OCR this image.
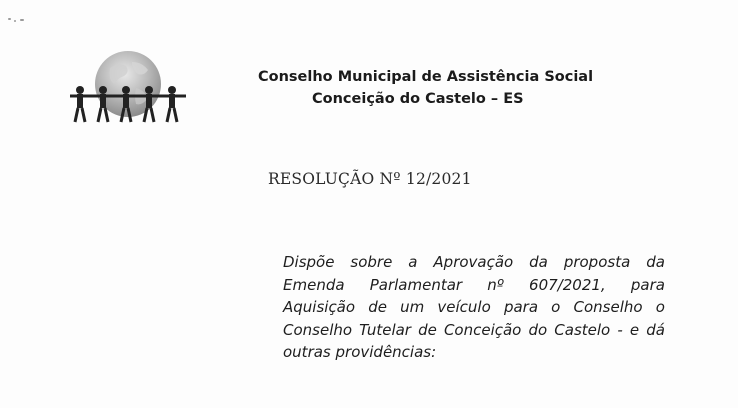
Conselho Municipal de Assistência Social
Conceição do Castelo – ES
RESOLUÇÃO Nº 12/2021
Dispõe sobre a Aprovação da proposta da
Emenda Parlamentar nº 607/2021, para
Aquisição de um veículo para o Conselho o
Conselho Tutelar de Conceição do Castelo - e dá
outras providências:
